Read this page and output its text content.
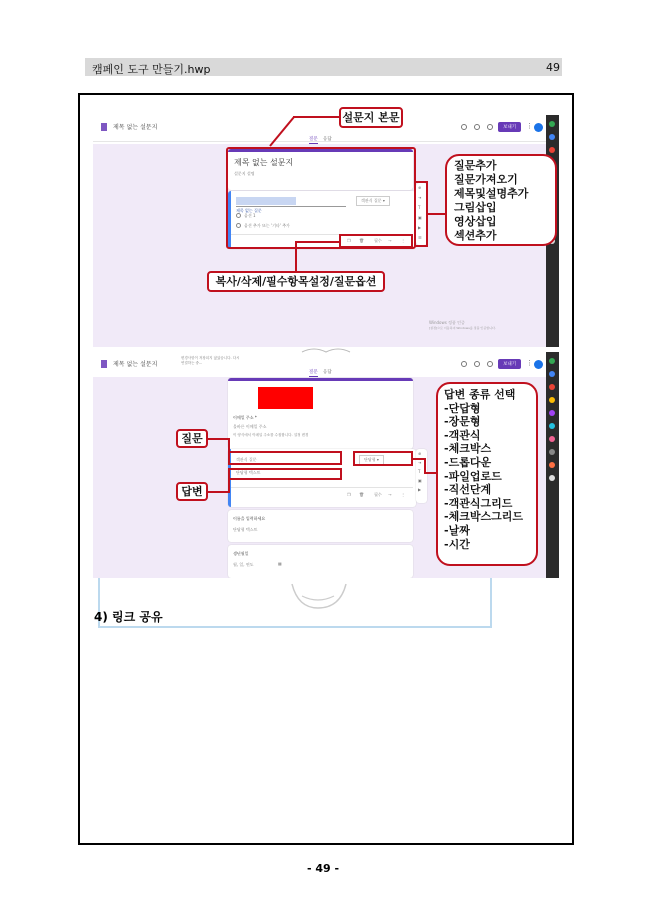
캠페인 도구 만들기.hwp	49
제목 없는 설문지	보내기	⋮
질문 응답
제목 없는 설문지
설문지 설명
제목 없는 질문
객관식 질문 ▾
옵션 1
옵션 추가 또는 '기타' 추가
❐ 🗑 필수 ⊸ ⋮
⊕
⇥
T
▣
▶
☰
Windows 정품 인증
[설정]으로 이동하여 Windows를 정품 인증합니다.
제목 없는 설문지
변경사항이 저장되지 않았습니다. 다시 연결하는 중...	보내기	⋮
질문 응답
이메일 주소 *
올바른 이메일 주소
이 양식에서 이메일 주소를 수집합니다. 설정 변경
객관식 질문	단답형 ▾
단답형 텍스트
❐ 🗑 필수 ⊸ ⋮
⊕
⇥
T
▣
▶
이름을 입력하세요
단답형 텍스트
생년월일
월, 일, 연도	▦
설문지 본문
질문추가
질문가져오기
제목및설명추가
그림삽입
영상삽입
섹션추가
복사/삭제/필수항목설정/질문옵션
질문
답변
답변 종류 선택
-단답형
-장문형
-객관식
-체크박스
-드롭다운
-파일업로드
-직선단계
-객관식그리드
-체크박스그리드
-날짜
-시간
4) 링크 공유
- 49 -
